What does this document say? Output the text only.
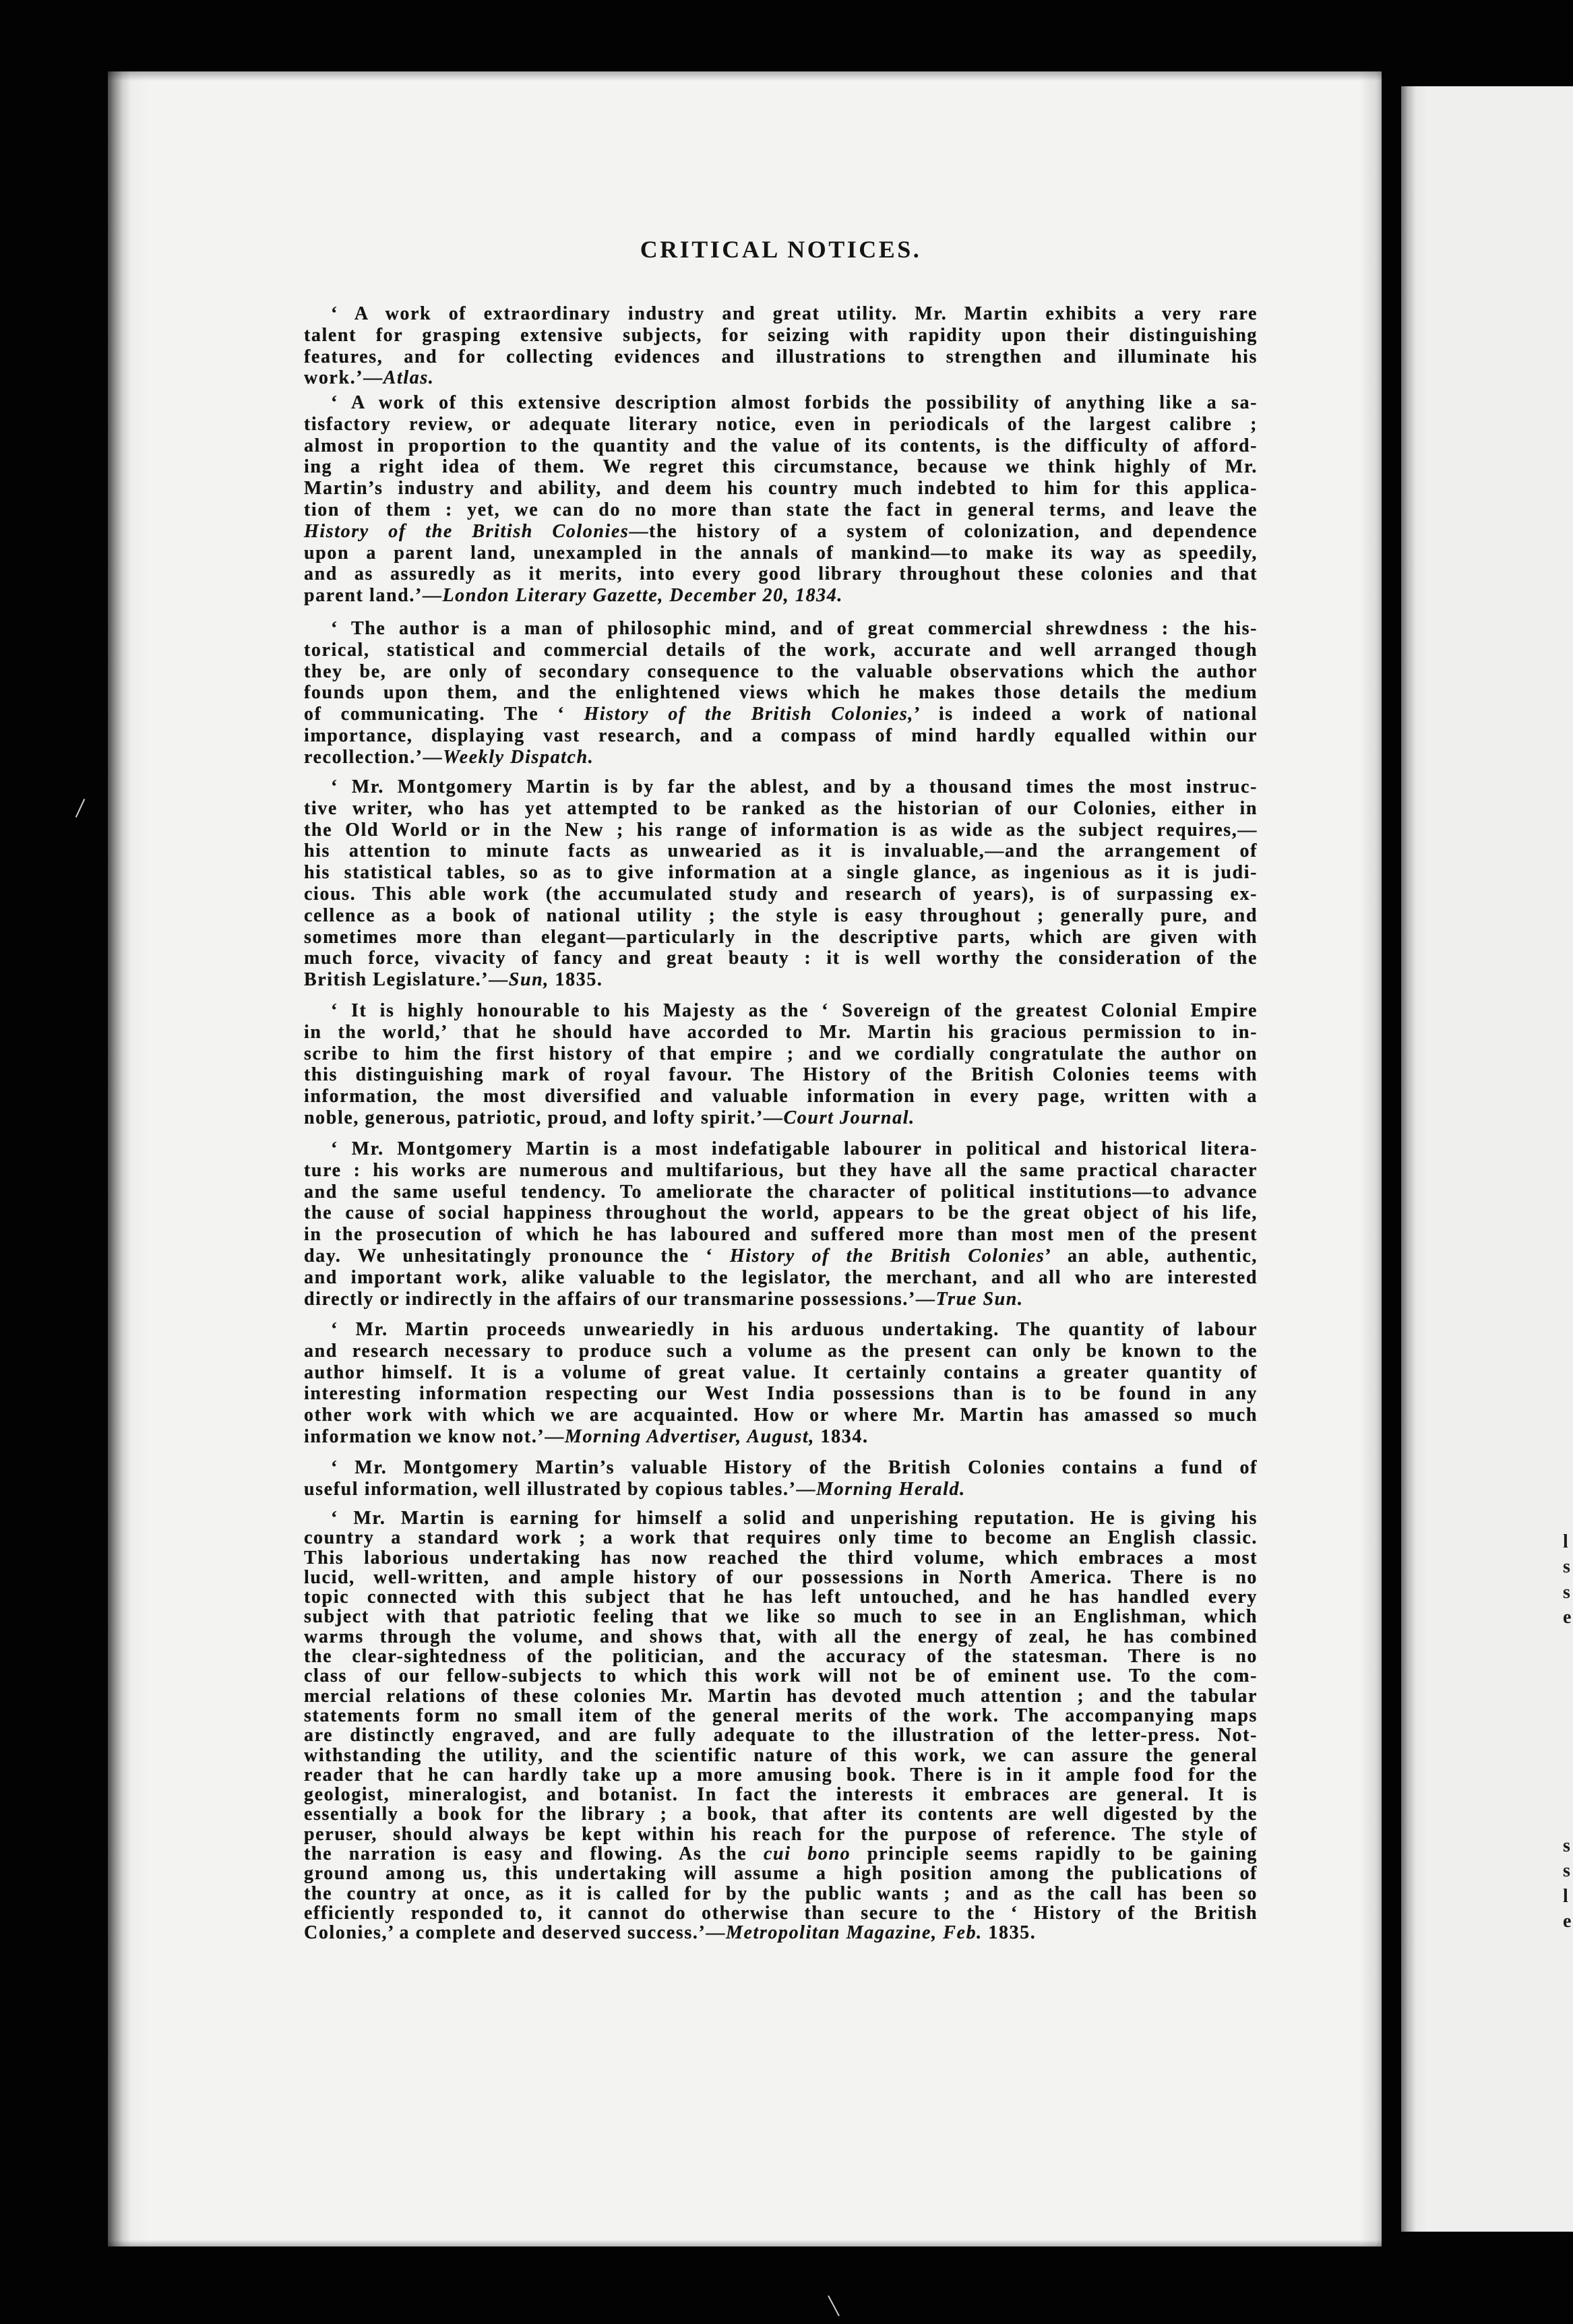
CRITICAL NOTICES.
‘ A work of extraordinary industry and great utility. Mr. Martin exhibits a very rare
talent for grasping extensive subjects, for seizing with rapidity upon their distinguishing
features, and for collecting evidences and illustrations to strengthen and illuminate his
work.’—Atlas.
‘ A work of this extensive description almost forbids the possibility of anything like a sa-
tisfactory review, or adequate literary notice, even in periodicals of the largest calibre ;
almost in proportion to the quantity and the value of its contents, is the difficulty of afford-
ing a right idea of them. We regret this circumstance, because we think highly of Mr.
Martin’s industry and ability, and deem his country much indebted to him for this applica-
tion of them : yet, we can do no more than state the fact in general terms, and leave the
History of the British Colonies—the history of a system of colonization, and dependence
upon a parent land, unexampled in the annals of mankind—to make its way as speedily,
and as assuredly as it merits, into every good library throughout these colonies and that
parent land.’—London Literary Gazette, December 20, 1834.
‘ The author is a man of philosophic mind, and of great commercial shrewdness : the his-
torical, statistical and commercial details of the work, accurate and well arranged though
they be, are only of secondary consequence to the valuable observations which the author
founds upon them, and the enlightened views which he makes those details the medium
of communicating. The ‘ History of the British Colonies,’ is indeed a work of national
importance, displaying vast research, and a compass of mind hardly equalled within our
recollection.’—Weekly Dispatch.
‘ Mr. Montgomery Martin is by far the ablest, and by a thousand times the most instruc-
tive writer, who has yet attempted to be ranked as the historian of our Colonies, either in
the Old World or in the New ; his range of information is as wide as the subject requires,—
his attention to minute facts as unwearied as it is invaluable,—and the arrangement of
his statistical tables, so as to give information at a single glance, as ingenious as it is judi-
cious. This able work (the accumulated study and research of years), is of surpassing ex-
cellence as a book of national utility ; the style is easy throughout ; generally pure, and
sometimes more than elegant—particularly in the descriptive parts, which are given with
much force, vivacity of fancy and great beauty : it is well worthy the consideration of the
British Legislature.’—Sun, 1835.
‘ It is highly honourable to his Majesty as the ‘ Sovereign of the greatest Colonial Empire
in the world,’ that he should have accorded to Mr. Martin his gracious permission to in-
scribe to him the first history of that empire ; and we cordially congratulate the author on
this distinguishing mark of royal favour. The History of the British Colonies teems with
information, the most diversified and valuable information in every page, written with a
noble, generous, patriotic, proud, and lofty spirit.’—Court Journal.
‘ Mr. Montgomery Martin is a most indefatigable labourer in political and historical litera-
ture : his works are numerous and multifarious, but they have all the same practical character
and the same useful tendency. To ameliorate the character of political institutions—to advance
the cause of social happiness throughout the world, appears to be the great object of his life,
in the prosecution of which he has laboured and suffered more than most men of the present
day. We unhesitatingly pronounce the ‘ History of the British Colonies’ an able, authentic,
and important work, alike valuable to the legislator, the merchant, and all who are interested
directly or indirectly in the affairs of our transmarine possessions.’—True Sun.
‘ Mr. Martin proceeds unweariedly in his arduous undertaking. The quantity of labour
and research necessary to produce such a volume as the present can only be known to the
author himself. It is a volume of great value. It certainly contains a greater quantity of
interesting information respecting our West India possessions than is to be found in any
other work with which we are acquainted. How or where Mr. Martin has amassed so much
information we know not.’—Morning Advertiser, August, 1834.
‘ Mr. Montgomery Martin’s valuable History of the British Colonies contains a fund of
useful information, well illustrated by copious tables.’—Morning Herald.
‘ Mr. Martin is earning for himself a solid and unperishing reputation. He is giving his
country a standard work ; a work that requires only time to become an English classic.
This laborious undertaking has now reached the third volume, which embraces a most
lucid, well-written, and ample history of our possessions in North America. There is no
topic connected with this subject that he has left untouched, and he has handled every
subject with that patriotic feeling that we like so much to see in an Englishman, which
warms through the volume, and shows that, with all the energy of zeal, he has combined
the clear-sightedness of the politician, and the accuracy of the statesman. There is no
class of our fellow-subjects to which this work will not be of eminent use. To the com-
mercial relations of these colonies Mr. Martin has devoted much attention ; and the tabular
statements form no small item of the general merits of the work. The accompanying maps
are distinctly engraved, and are fully adequate to the illustration of the letter-press. Not-
withstanding the utility, and the scientific nature of this work, we can assure the general
reader that he can hardly take up a more amusing book. There is in it ample food for the
geologist, mineralogist, and botanist. In fact the interests it embraces are general. It is
essentially a book for the library ; a book, that after its contents are well digested by the
peruser, should always be kept within his reach for the purpose of reference. The style of
the narration is easy and flowing. As the cui bono principle seems rapidly to be gaining
ground among us, this undertaking will assume a high position among the publications of
the country at once, as it is called for by the public wants ; and as the call has been so
efficiently responded to, it cannot do otherwise than secure to the ‘ History of the British
Colonies,’ a complete and deserved success.’—Metropolitan Magazine, Feb. 1835.
l
s
s
e
s
s
l
e
